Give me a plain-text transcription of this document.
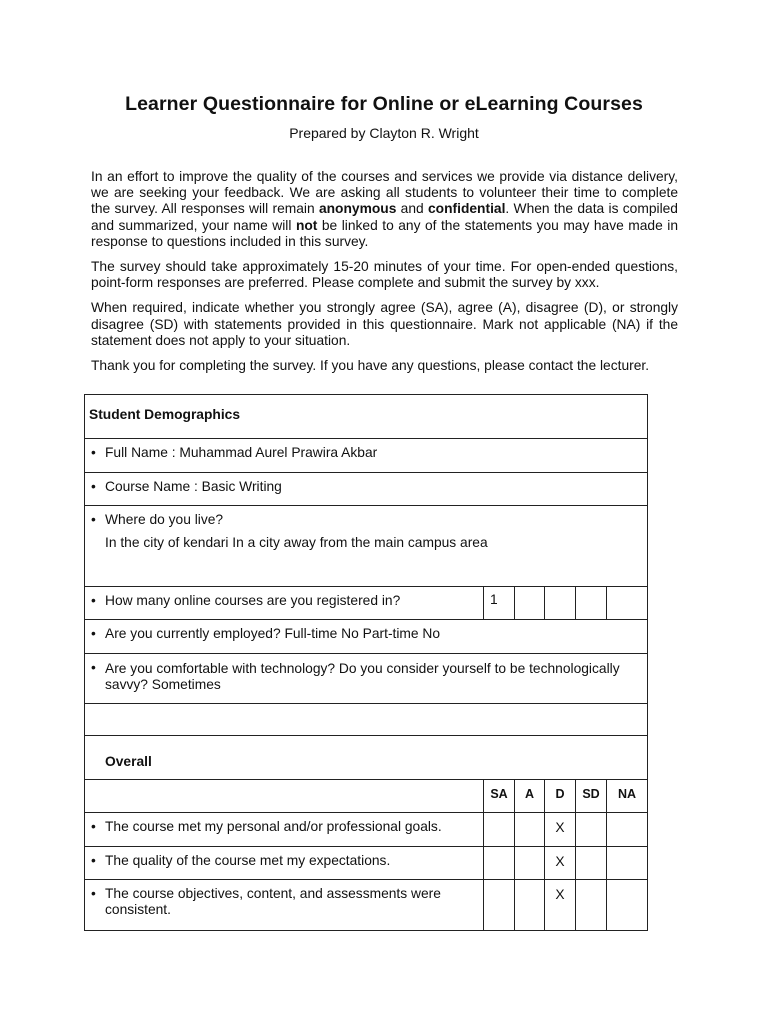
Learner Questionnaire for Online or eLearning Courses
Prepared by Clayton R. Wright

In an effort to improve the quality of the courses and services we provide via distance delivery, we are seeking your feedback. We are asking all students to volunteer their time to complete the survey. All responses will remain anonymous and confidential. When the data is compiled and summarized, your name will not be linked to any of the statements you may have made in response to questions included in this survey.

The survey should take approximately 15-20 minutes of your time. For open-ended questions, point-form responses are preferred. Please complete and submit the survey by xxx.

When required, indicate whether you strongly agree (SA), agree (A), disagree (D), or strongly disagree (SD) with statements provided in this questionnaire. Mark not applicable (NA) if the statement does not apply to your situation.

Thank you for completing the survey. If you have any questions, please contact the lecturer.

Student Demographics					

• Full Name : Muhammad Aurel Prawira Akbar					

• Course Name : Basic Writing					

• Where do you live?
In the city of kendari In a city away from the main campus area					

• How many online courses are you registered in?	1				

• Are you currently employed? Full-time No Part-time No					

• Are you comfortable with technology? Do you consider yourself to be technologically savvy? Sometimes					

Overall					

	SA	A	D	SD	NA

• The course met my personal and/or professional goals.			X		

• The quality of the course met my expectations.			X		

• The course objectives, content, and assessments were consistent.			X		
